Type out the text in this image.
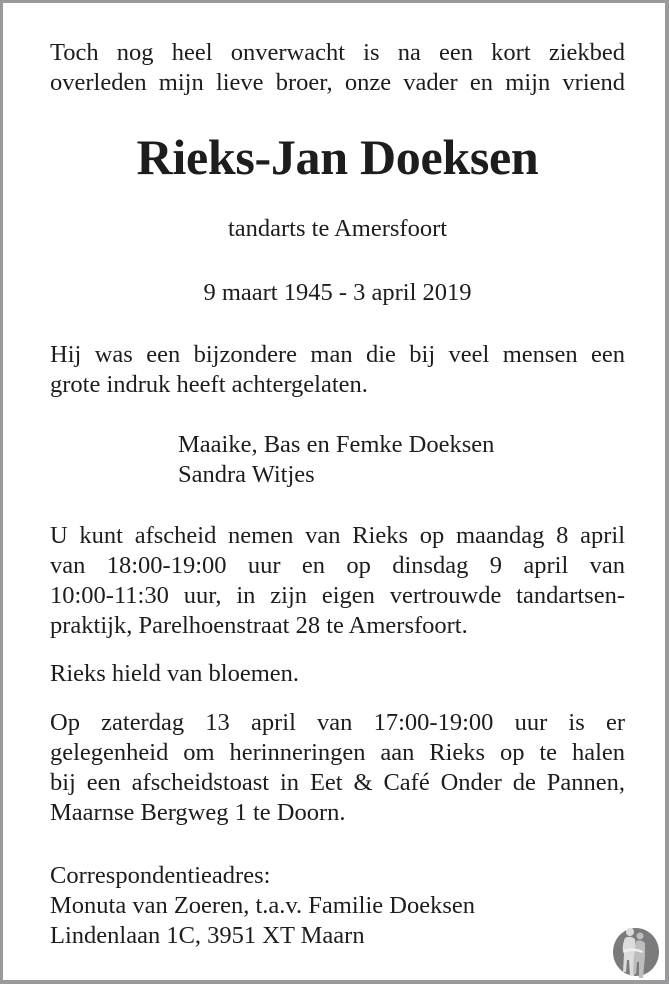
Toch nog heel onverwacht is na een kort ziekbed
overleden mijn lieve broer, onze vader en mijn vriend
Rieks-Jan Doeksen
tandarts te Amersfoort
9 maart 1945 - 3 april 2019
Hij was een bijzondere man die bij veel mensen een
grote indruk heeft achtergelaten.
Maaike, Bas en Femke Doeksen
Sandra Witjes
U kunt afscheid nemen van Rieks op maandag 8 april
van 18:00-19:00 uur en op dinsdag 9 april van
10:00-11:30 uur, in zijn eigen vertrouwde tandartsen-
praktijk, Parelhoenstraat 28 te Amersfoort.
Rieks hield van bloemen.
Op zaterdag 13 april van 17:00-19:00 uur is er
gelegenheid om herinneringen aan Rieks op te halen
bij een afscheidstoast in Eet & Café Onder de Pannen,
Maarnse Bergweg 1 te Doorn.
Correspondentieadres:
Monuta van Zoeren, t.a.v. Familie Doeksen
Lindenlaan 1C, 3951 XT Maarn
